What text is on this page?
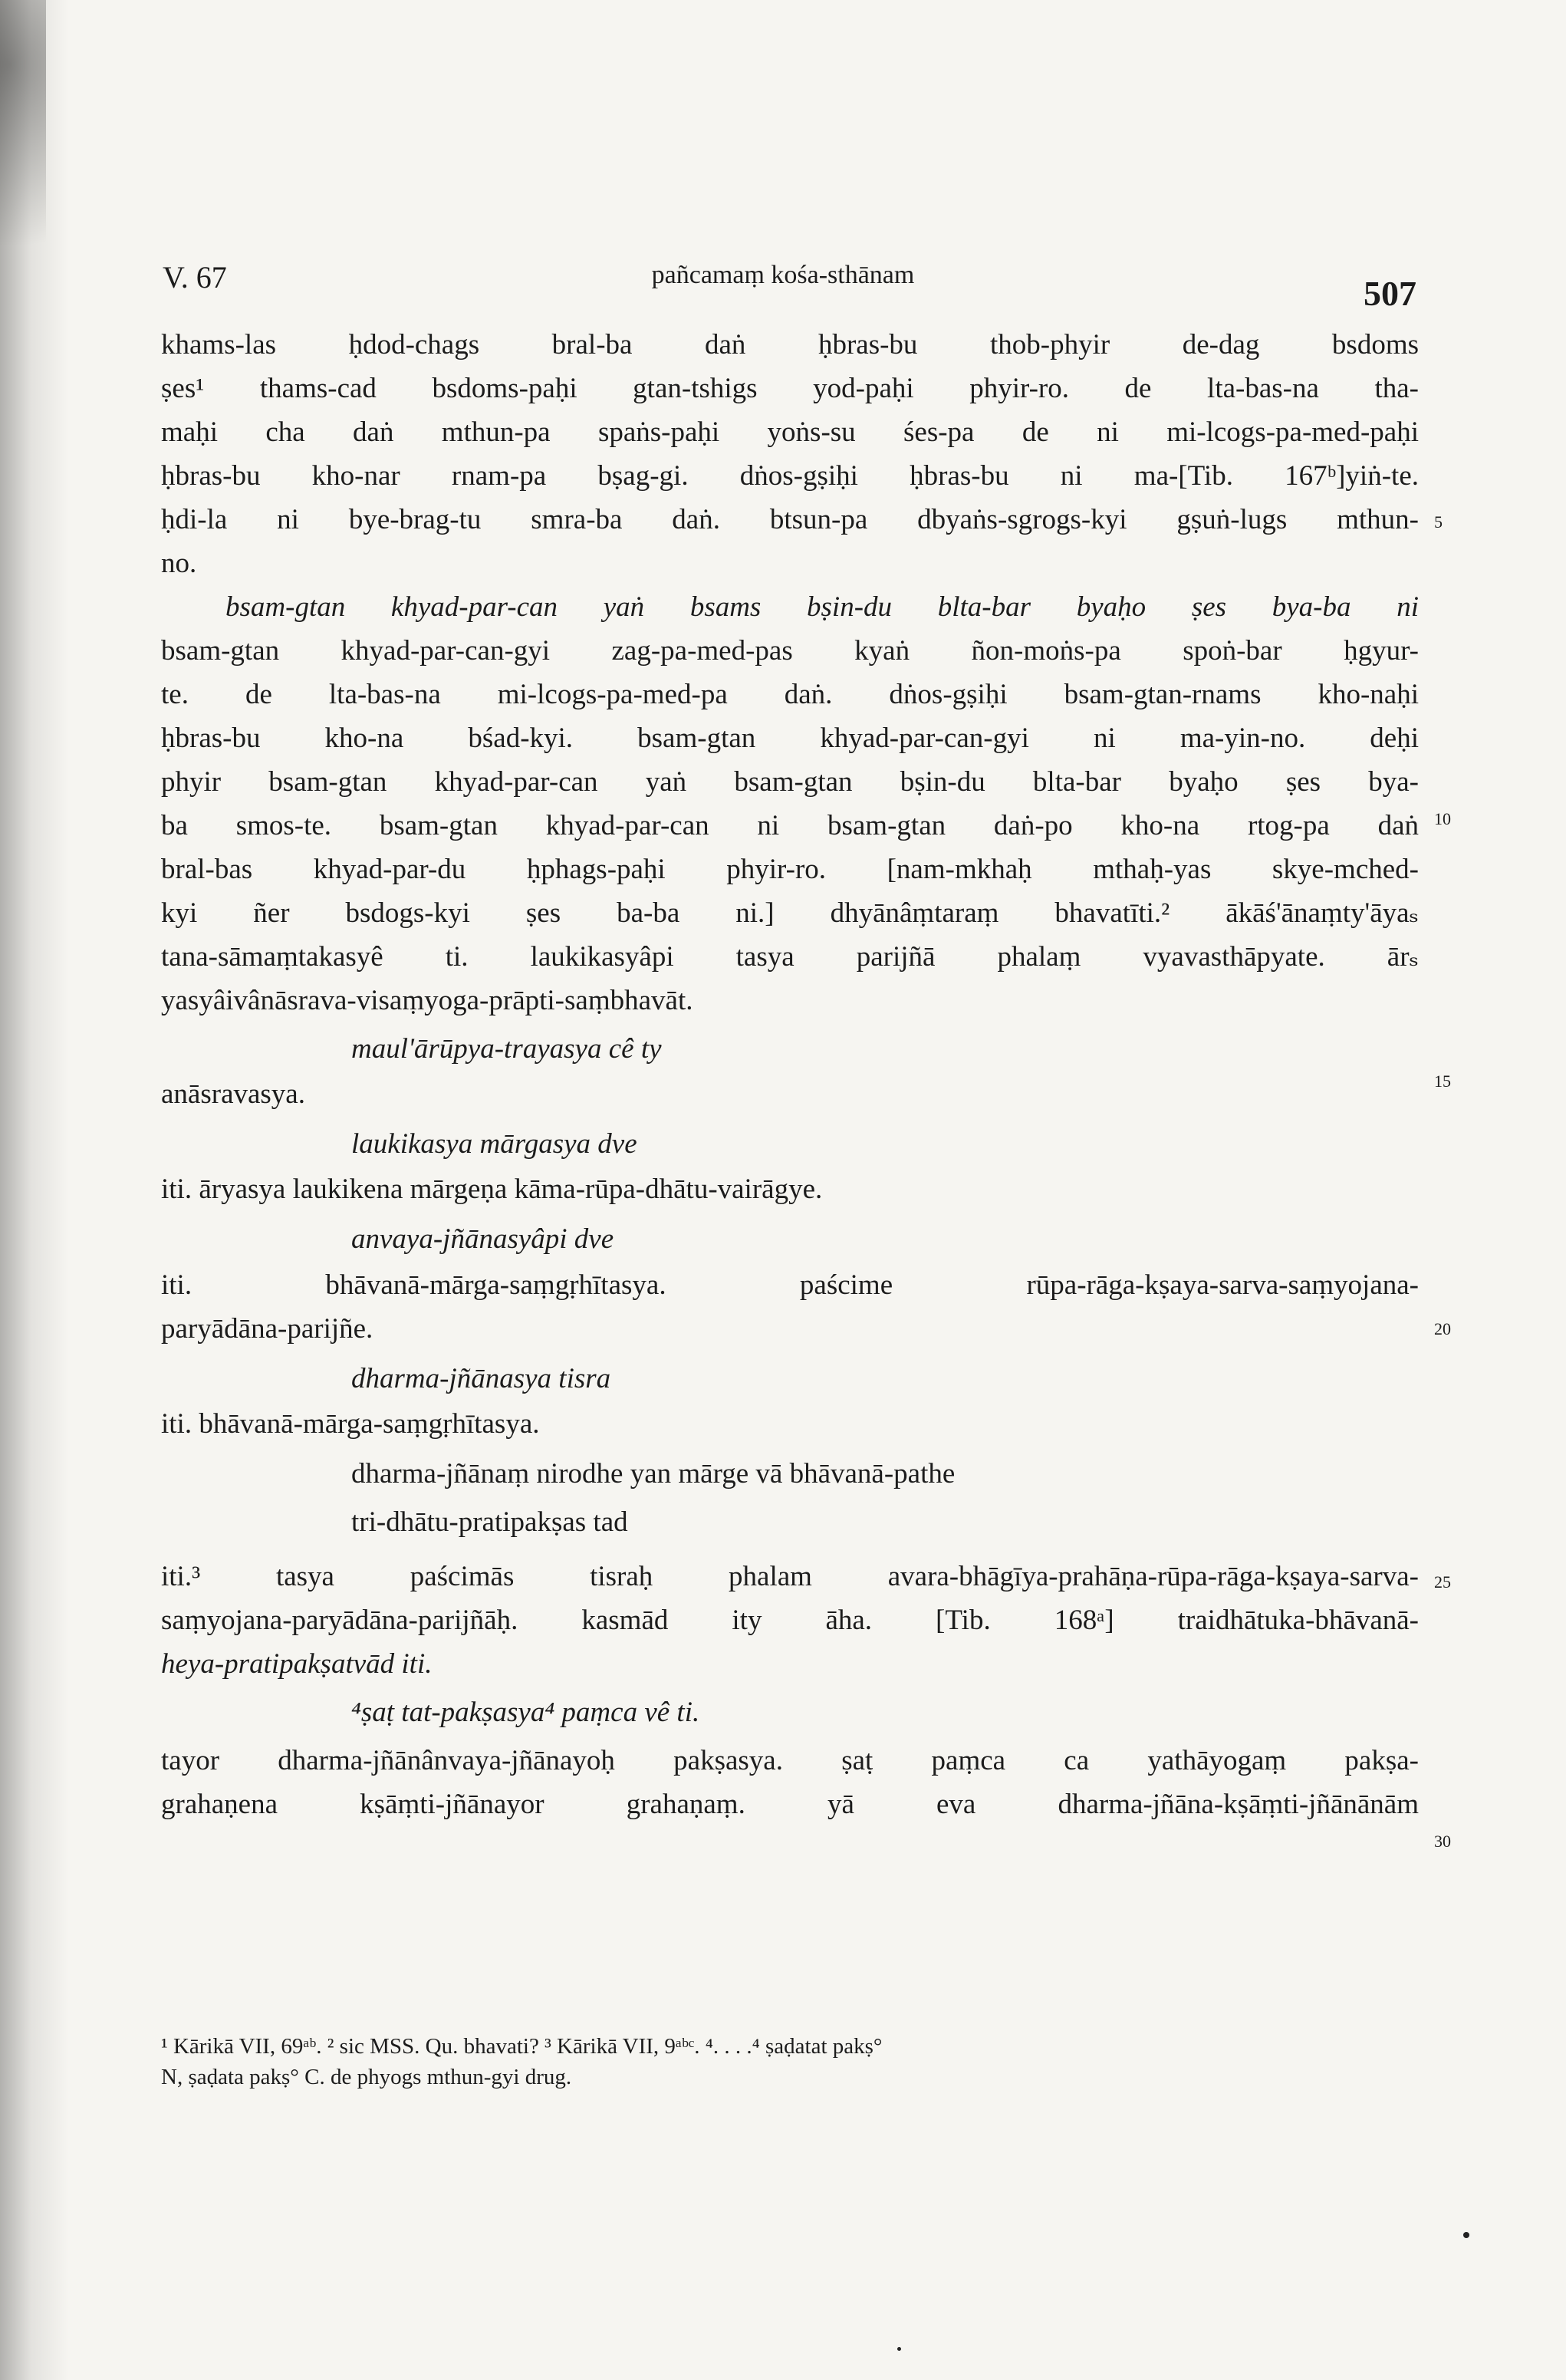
V. 67	pañcamaṃ kośa-sthānam	507
khams-las ḥdod-chags bral-ba daṅ ḥbras-bu thob-phyir de-dag bsdoms
ṣes¹ thams-cad bsdoms-paḥi gtan-tshigs yod-paḥi phyir-ro. de lta-bas-na tha-
maḥi cha daṅ mthun-pa spaṅs-paḥi yoṅs-su śes-pa de ni mi-lcogs-pa-med-paḥi
ḥbras-bu kho-nar rnam-pa bṣag-gi. dṅos-gṣiḥi ḥbras-bu ni ma-[Tib. 167ᵇ]yiṅ-te.
ḥdi-la ni bye-brag-tu smra-ba daṅ. btsun-pa dbyaṅs-sgrogs-kyi gṣuṅ-lugs mthun-
no.
bsam-gtan khyad-par-can yaṅ bsams bṣin-du blta-bar byaḥo ṣes bya-ba ni
bsam-gtan khyad-par-can-gyi zag-pa-med-pas kyaṅ ñon-moṅs-pa spoṅ-bar ḥgyur-
te. de lta-bas-na mi-lcogs-pa-med-pa daṅ. dṅos-gṣiḥi bsam-gtan-rnams kho-naḥi
ḥbras-bu kho-na bśad-kyi. bsam-gtan khyad-par-can-gyi ni ma-yin-no. deḥi
phyir bsam-gtan khyad-par-can yaṅ bsam-gtan bṣin-du blta-bar byaḥo ṣes bya-
ba smos-te. bsam-gtan khyad-par-can ni bsam-gtan daṅ-po kho-na rtog-pa daṅ
bral-bas khyad-par-du ḥphags-paḥi phyir-ro. [nam-mkhaḥ mthaḥ-yas skye-mched-
kyi ñer bsdogs-kyi ṣes ba-ba ni.] dhyānâṃtaraṃ bhavatīti.² ākāś'ānaṃty'āyaₛ
tana-sāmaṃtakasyê ti. laukikasyâpi tasya parijñā phalaṃ vyavasthāpyate. ārₛ
yasyâivânāsrava-visaṃyoga-prāpti-saṃbhavāt.
maul'ārūpya-trayasya cê ty
anāsravasya.
laukikasya mārgasya dve
iti. āryasya laukikena mārgeṇa kāma-rūpa-dhātu-vairāgye.
anvaya-jñānasyâpi dve
iti. bhāvanā-mārga-saṃgṛhītasya. paścime rūpa-rāga-kṣaya-sarva-saṃyojana-
paryādāna-parijñe.
dharma-jñānasya tisra
iti. bhāvanā-mārga-saṃgṛhītasya.
dharma-jñānaṃ nirodhe yan mārge vā bhāvanā-pathe
tri-dhātu-pratipakṣas tad
iti.³ tasya paścimās tisraḥ phalam avara-bhāgīya-prahāṇa-rūpa-rāga-kṣaya-sarva-
saṃyojana-paryādāna-parijñāḥ. kasmād ity āha. [Tib. 168ᵃ] traidhātuka-bhāvanā-
heya-pratipakṣatvād iti.
⁴ṣaṭ tat-pakṣasya⁴ paṃca vê ti.
tayor dharma-jñānânvaya-jñānayoḥ pakṣasya. ṣaṭ paṃca ca yathāyogaṃ pakṣa-
grahaṇena kṣāṃti-jñānayor grahaṇaṃ. yā eva dharma-jñāna-kṣāṃti-jñānānām
5
10
15
20
25
30
¹ Kārikā VII, 69ᵃᵇ. ² sic MSS. Qu. bhavati? ³ Kārikā VII, 9ᵃᵇᶜ. ⁴. . . .⁴ ṣaḍatat pakṣ°
N, ṣaḍata pakṣ° C. de phyogs mthun-gyi drug.
